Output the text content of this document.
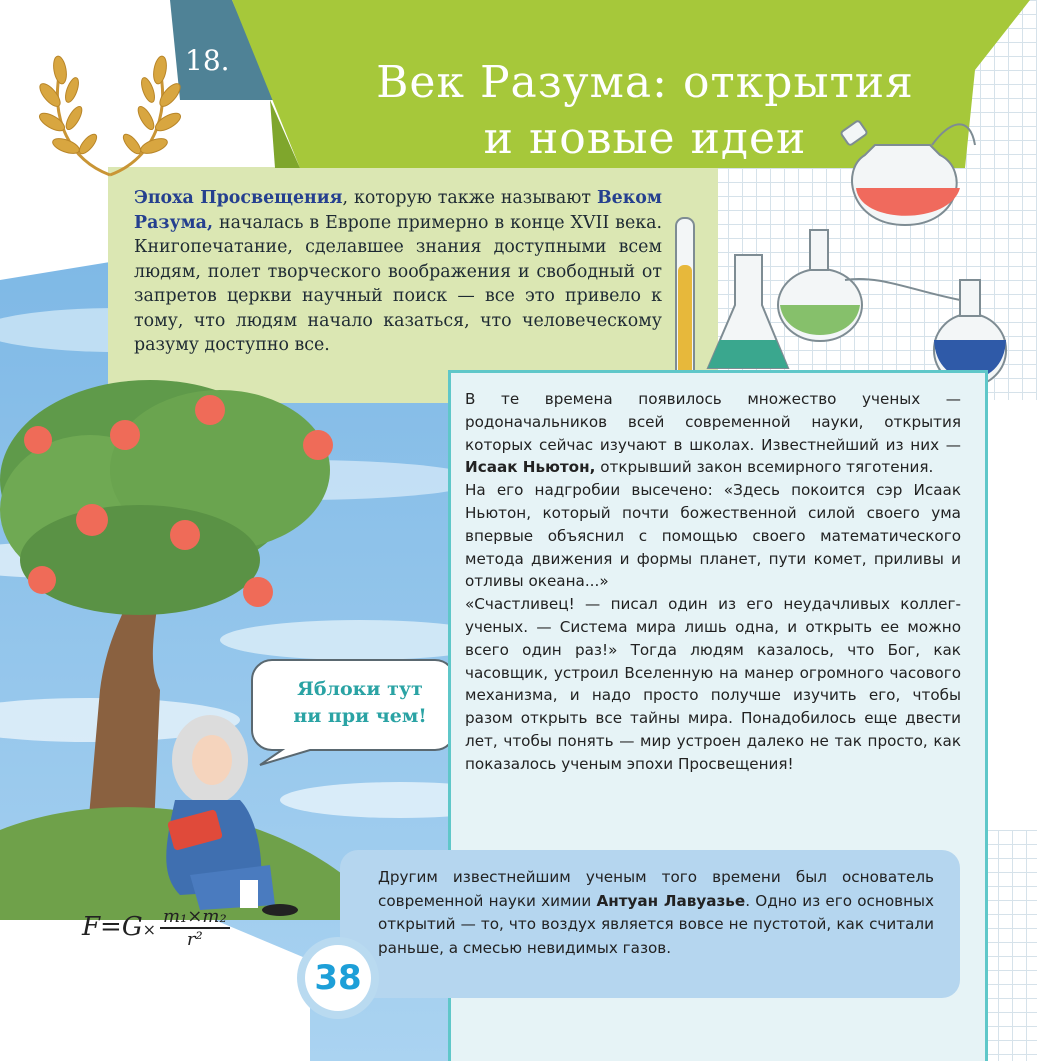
18.	Век Разума: открытия
и новые идеи
Эпоха Просвещения, которую также называют Веком Разума, началась в Европе примерно в конце XVII века. Книгопечатание, сделавшее знания доступными всем людям, полет творческого воображения и свободный от запретов церкви научный поиск — все это привело к тому, что людям начало казаться, что человеческому разуму доступно все.
Яблоки тут
ни при чем!

В те времена появилось множество ученых — родоначальников всей современной науки, открытия которых сейчас изучают в школах. Известнейший из них — Исаак Ньютон, открывший закон всемирного тяготения.

На его надгробии высечено: «Здесь покоится сэр Исаак Ньютон, который почти божественной силой своего ума впервые объяснил с помощью своего математического метода движения и формы планет, пути комет, приливы и отливы океана...»

«Счастливец! — писал один из его неудачливых коллег-ученых. — Система мира лишь одна, и открыть ее можно всего один раз!» Тогда людям казалось, что Бог, как часовщик, устроил Вселенную на манер огромного часового механизма, и надо просто получше изучить его, чтобы разом открыть все тайны мира. Понадобилось еще двести лет, чтобы понять — мир устроен далеко не так просто, как показалось ученым эпохи Просвещения!

Другим известнейшим ученым того времени был основатель современной науки химии Антуан Лавуазье. Одно из его основных открытий — то, что воздух является вовсе не пустотой, как считали раньше, а смесью невидимых газов.
$F=G\times \frac{\text{m₁×m₂}}{\text{r²}}$
38
